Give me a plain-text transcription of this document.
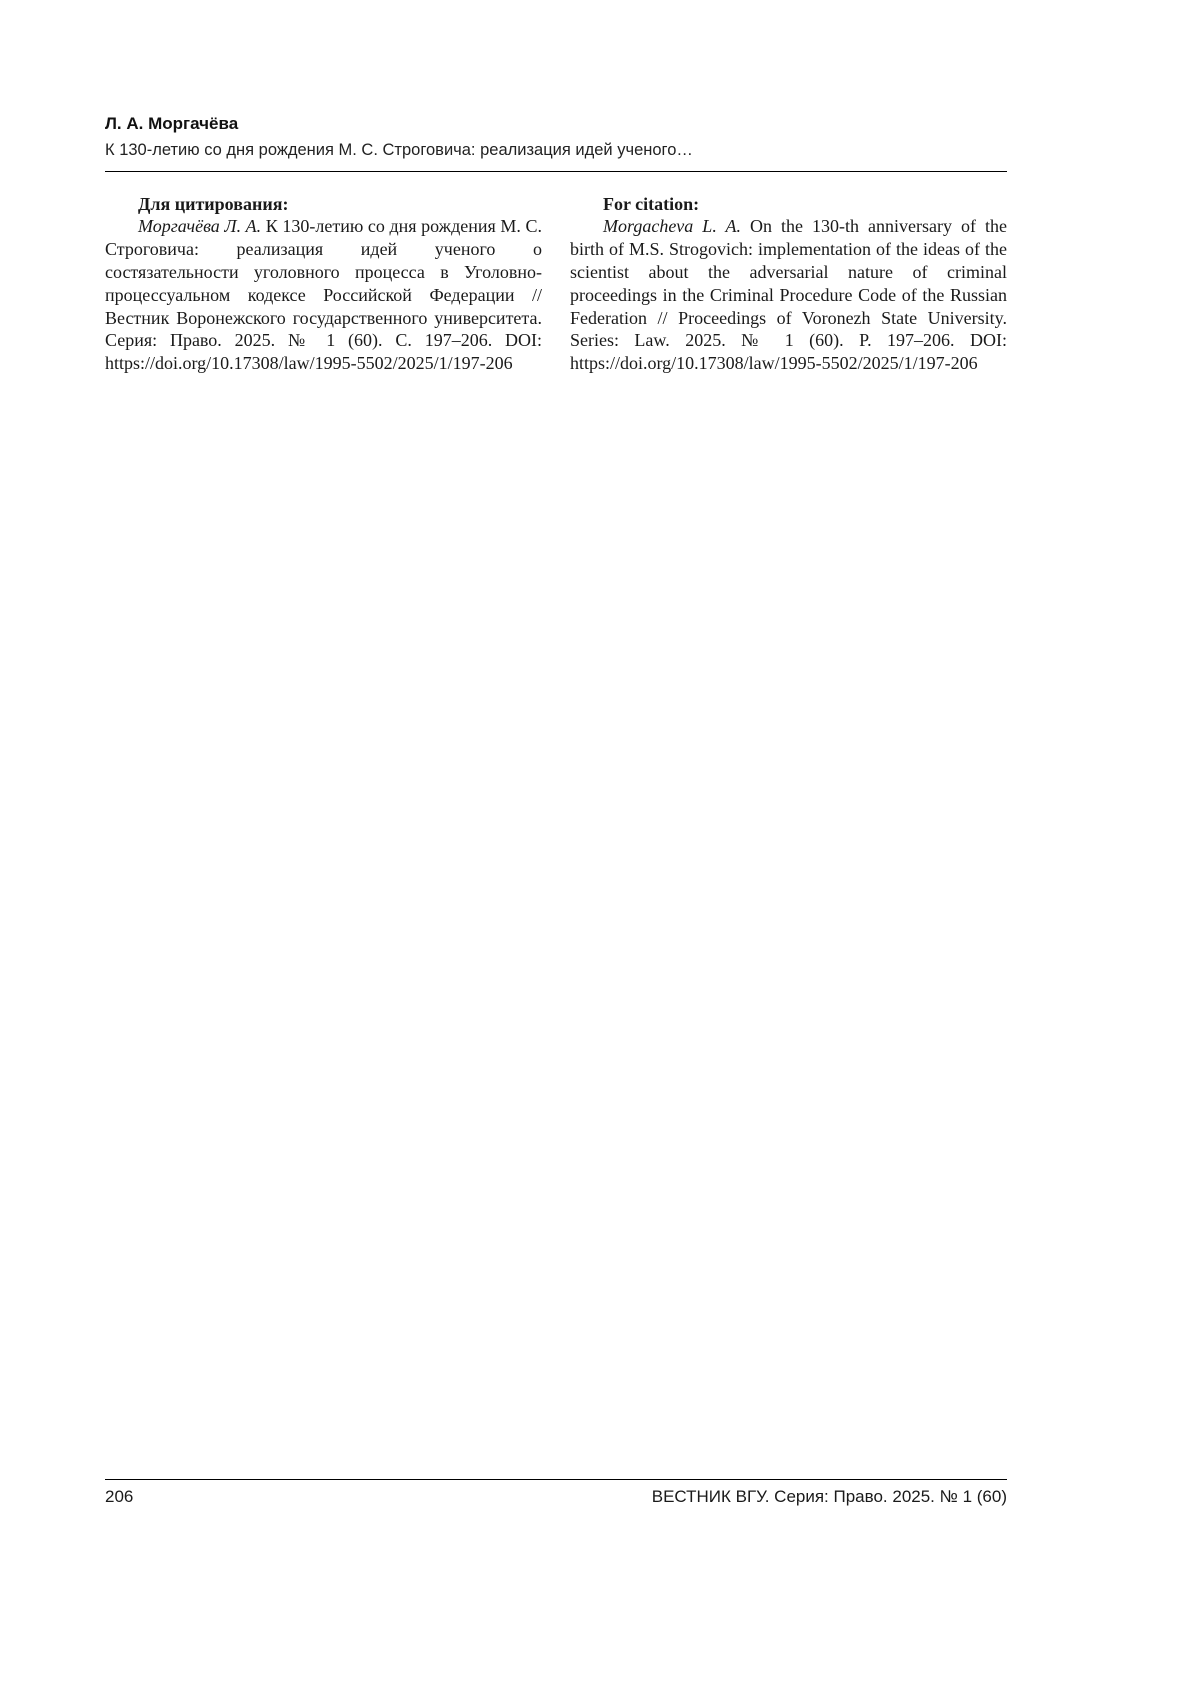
Л. А. Моргачёва
К 130-летию со дня рождения М. С. Строговича: реализация идей ученого…

Для цитирования:

Моргачёва Л. А. К 130-летию со дня рождения М. С. Строговича: реализация идей ученого о состязательности уголовного процесса в Уголовно-процессуальном кодексе Российской Федерации // Вестник Воронежского государственного университета. Серия: Право. 2025. № 1 (60). С. 197–206. DOI: https://doi.org/10.17308/law/1995-5502/2025/1/197-206

For citation:

Morgacheva L. A. On the 130-th anniversary of the birth of M.S. Strogovich: implementation of the ideas of the scientist about the adversarial nature of criminal proceedings in the Criminal Procedure Code of the Russian Federation // Proceedings of Voronezh State University. Series: Law. 2025. № 1 (60). P. 197–206. DOI: https://doi.org/10.17308/law/1995-5502/2025/1/197-206

206	ВЕСТНИК ВГУ. Серия: Право. 2025. № 1 (60)
